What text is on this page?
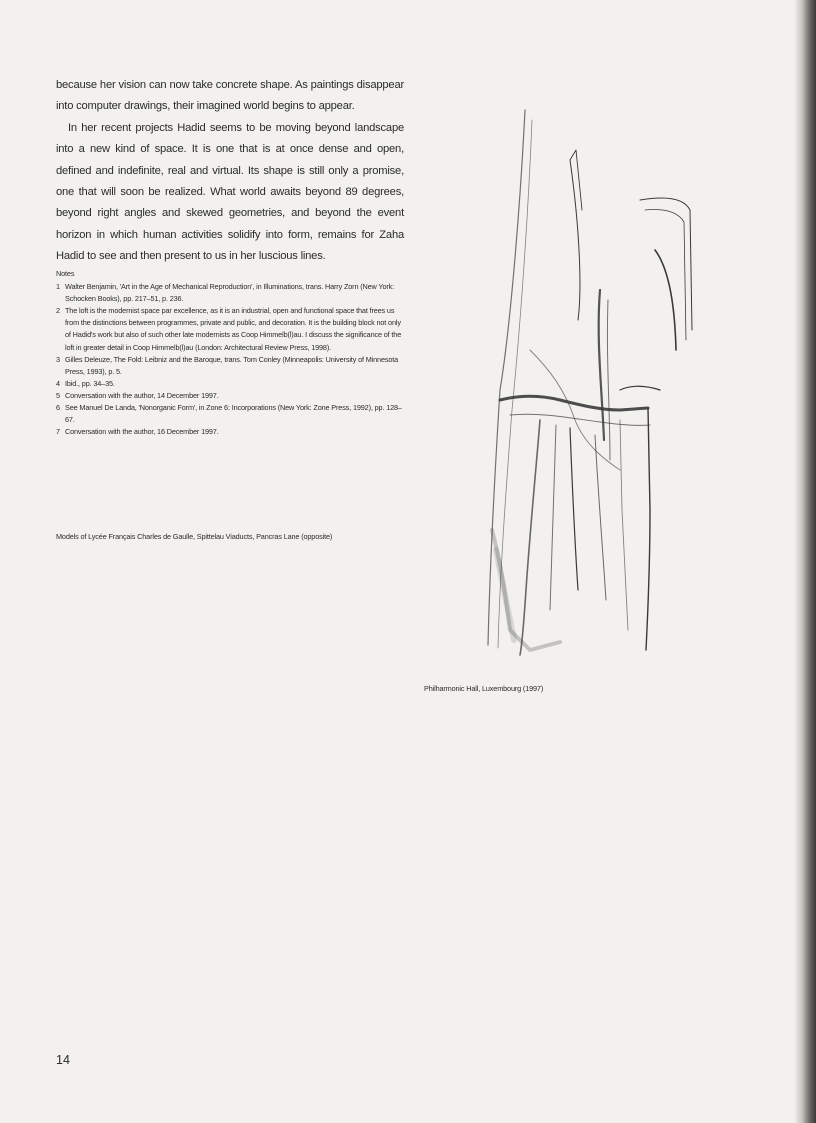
because her vision can now take concrete shape. As paintings disappear into computer drawings, their imagined world begins to appear.

In her recent projects Hadid seems to be moving beyond landscape into a new kind of space. It is one that is at once dense and open, defined and indefinite, real and virtual. Its shape is still only a promise, one that will soon be realized. What world awaits beyond 89 degrees, beyond right angles and skewed geometries, and beyond the event horizon in which human activities solidify into form, remains for Zaha Hadid to see and then present to us in her luscious lines.

Notes
1 Walter Benjamin, 'Art in the Age of Mechanical Reproduction', in Illuminations, trans. Harry Zorn (New York: Schocken Books), pp. 217–51, p. 236.
2 The loft is the modernist space par excellence, as it is an industrial, open and functional space that frees us from the distinctions between programmes, private and public, and decoration. It is the building block not only of Hadid's work but also of such other late modernists as Coop Himmelb(l)au. I discuss the significance of the loft in greater detail in Coop Himmelb(l)au (London: Architectural Review Press, 1998).
3 Gilles Deleuze, The Fold: Leibniz and the Baroque, trans. Tom Conley (Minneapolis: University of Minnesota Press, 1993), p. 5.
4 Ibid., pp. 34–35.
5 Conversation with the author, 14 December 1997.
6 See Manuel De Landa, 'Nonorganic Form', in Zone 6: Incorporations (New York: Zone Press, 1992), pp. 128–67.
7 Conversation with the author, 16 December 1997.
Models of Lycée Français Charles de Gaulle, Spittelau Viaducts, Pancras Lane (opposite)
Philharmonic Hall, Luxembourg (1997)
14
